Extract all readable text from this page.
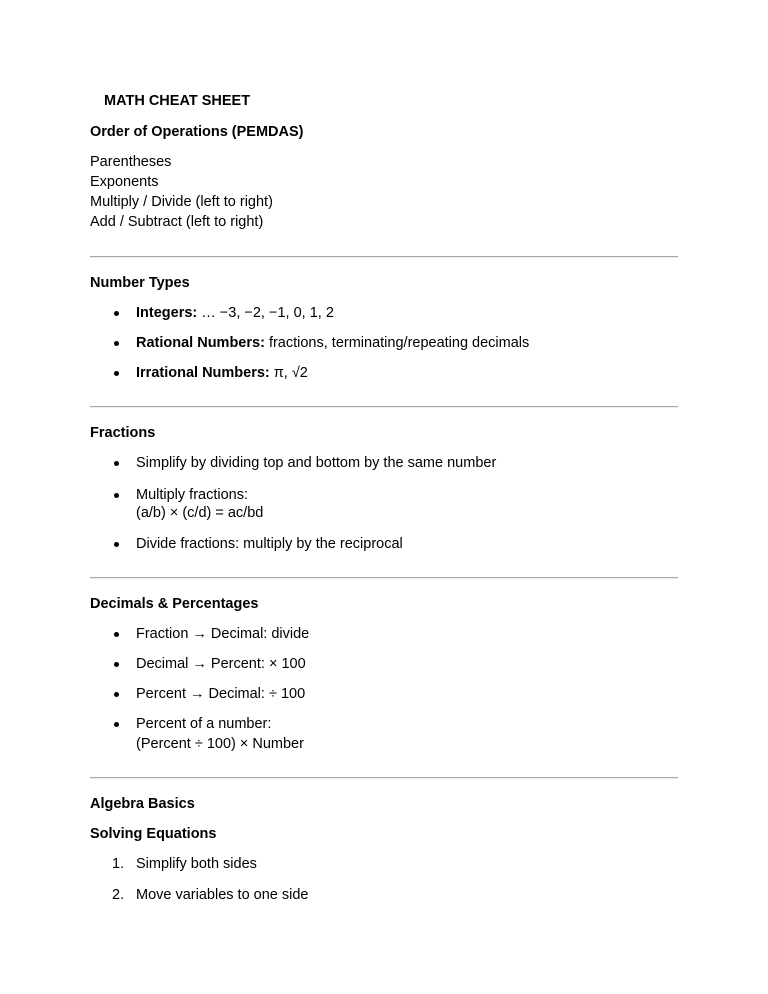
MATH CHEAT SHEET
Order of Operations (PEMDAS)
Parentheses
Exponents
Multiply / Divide (left to right)
Add / Subtract (left to right)
Number Types
Integers: … −3, −2, −1, 0, 1, 2
Rational Numbers: fractions, terminating/repeating decimals
Irrational Numbers: π, √2
Fractions
Simplify by dividing top and bottom by the same number
Multiply fractions:
(a/b) × (c/d) = ac/bd
Divide fractions: multiply by the reciprocal
Decimals & Percentages
Fraction → Decimal: divide
Decimal → Percent: × 100
Percent → Decimal: ÷ 100
Percent of a number:
(Percent ÷ 100) × Number
Algebra Basics
Solving Equations
1. Simplify both sides
2. Move variables to one side
